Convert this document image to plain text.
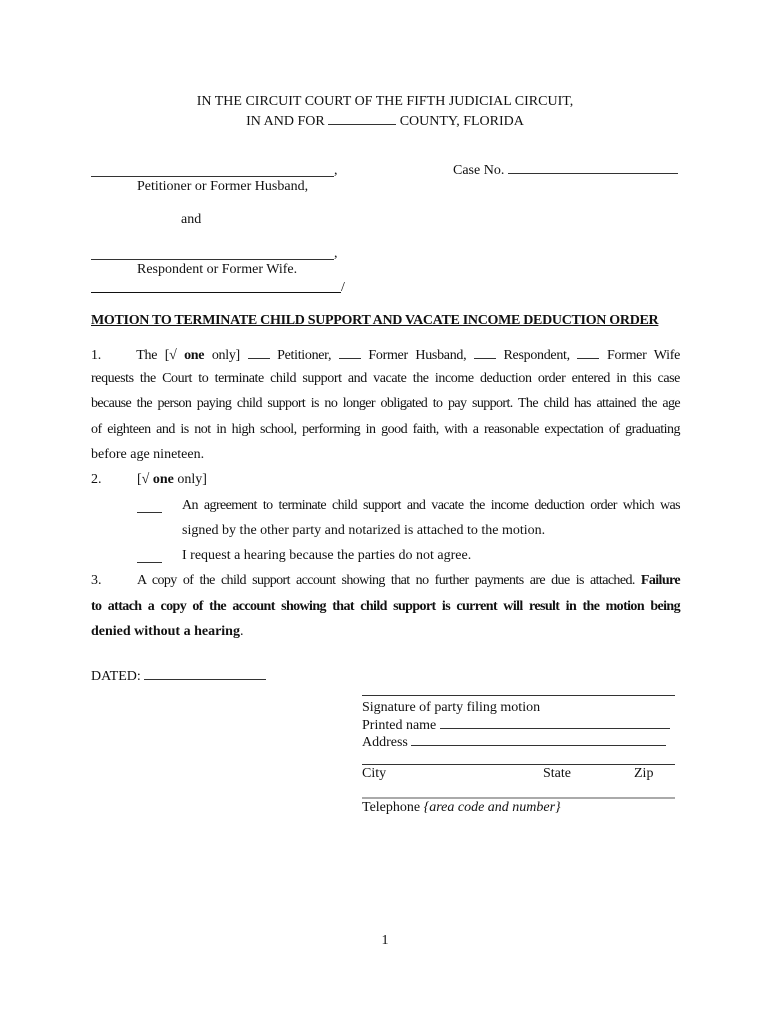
IN THE CIRCUIT COURT OF THE FIFTH JUDICIAL CIRCUIT,
IN AND FOR	COUNTY, FLORIDA
,	Case No.
Petitioner or Former Husband,
and
,
Respondent or Former Wife.
/
MOTION TO TERMINATE CHILD SUPPORT AND VACATE INCOME DEDUCTION ORDER
1.	The [√ one only]	Petitioner,	Former Husband,	Respondent,	Former Wife
requests the Court to terminate child support and vacate the income deduction order entered in this case
because the person paying child support is no longer obligated to pay support. The child has attained the age
of eighteen and is not in high school, performing in good faith, with a reasonable expectation of graduating
before age nineteen.
2.	[√ one only]
An agreement to terminate child support and vacate the income deduction order which was
signed by the other party and notarized is attached to the motion.
I request a hearing because the parties do not agree.
3.	A copy of the child support account showing that no further payments are due is attached. Failure
to attach a copy of the account showing that child support is current will result in the motion being
denied without a hearing.
DATED:
Signature of party filing motion
Printed name
Address
City	State	Zip
Telephone {area code and number}
1
